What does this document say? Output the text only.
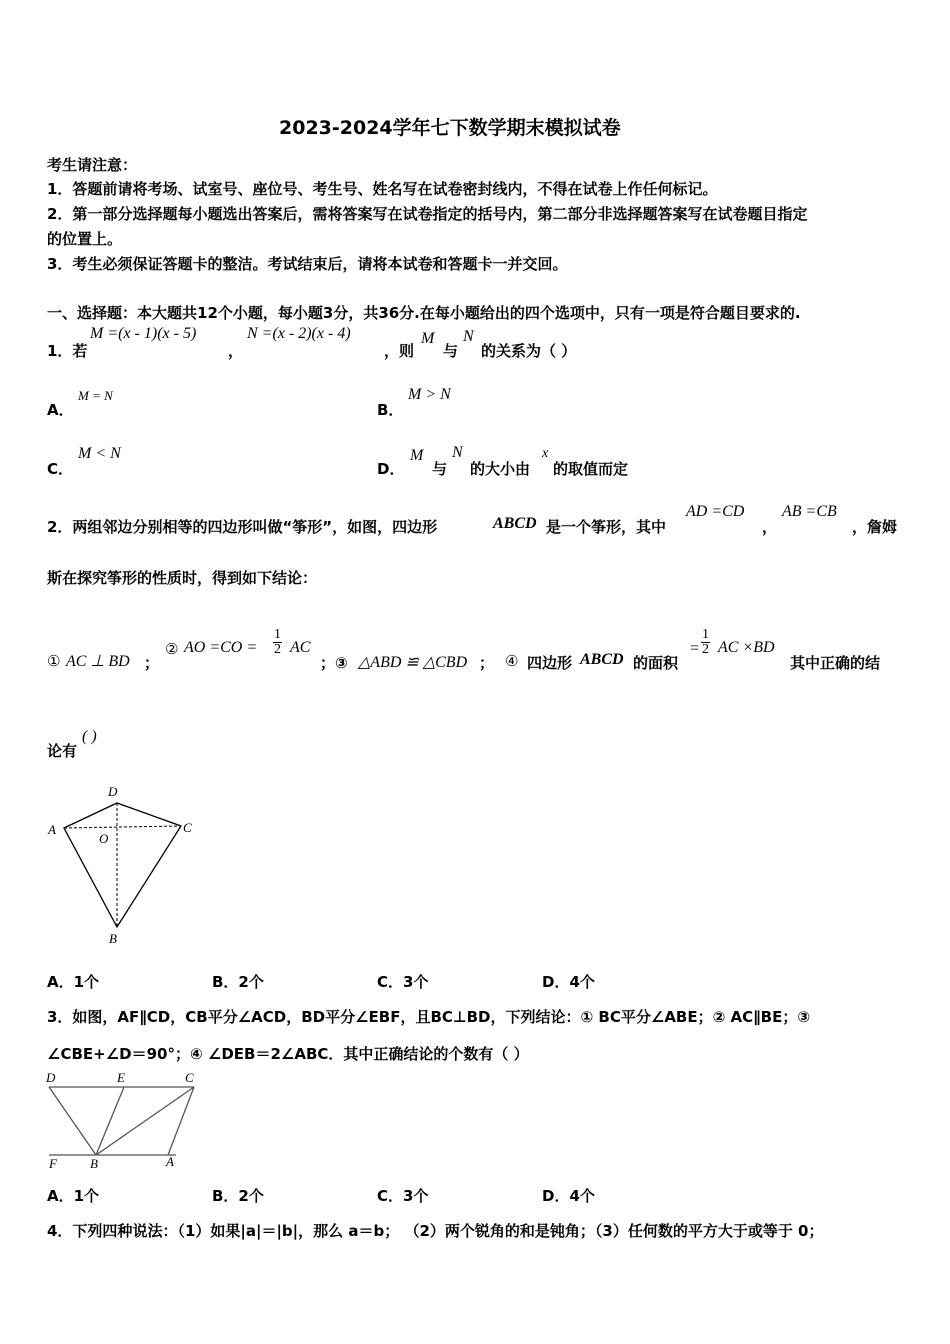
2023-2024学年七下数学期末模拟试卷
考生请注意：
1．答题前请将考场、试室号、座位号、考生号、姓名写在试卷密封线内，不得在试卷上作任何标记。
2．第一部分选择题每小题选出答案后，需将答案写在试卷指定的括号内，第二部分非选择题答案写在试卷题目指定
的位置上。
3．考生必须保证答题卡的整洁。考试结束后，请将本试卷和答题卡一并交回。
一、选择题：本大题共12个小题，每小题3分，共36分.在每小题给出的四个选项中，只有一项是符合题目要求的.
1．若
M =(x - 1)(x - 5)
，
N =(x - 2)(x - 4)
，则
M
与
N
的关系为（ ）
A．
M = N
B．
M > N
C．
M < N
D．
M
与
N
的大小由
x
的取值而定
2．两组邻边分别相等的四边形叫做“筝形”，如图，四边形	ABCD 是一个筝形，其中
AD =CD
，
AB =CB
，詹姆
斯在探究筝形的性质时，得到如下结论：
① AC ⊥ BD ；
② AO $=CO = \frac{1}{2}$ AC
；③ △ABD ≌ △CBD ； ④ 四边形 ABCD 的面积
= $\frac{1}{2}$ AC ×BD
其中正确的结
论有
( )
A
D
C
O
B
A．1个	B．2个	C．3个	D．4个
3．如图，AF∥CD，CB平分∠ACD，BD平分∠EBF，且BC⊥BD，下列结论：① BC平分∠ABE；② AC∥BE；③
∠CBE+∠D＝90°；④ ∠DEB＝2∠ABC．其中正确结论的个数有（ ）
D	E	C
F	B	A
A．1个	B．2个	C．3个	D．4个
4．下列四种说法：（1）如果|a|＝|b|，那么 a＝b； （2）两个锐角的和是钝角；（3）任何数的平方大于或等于 0；
